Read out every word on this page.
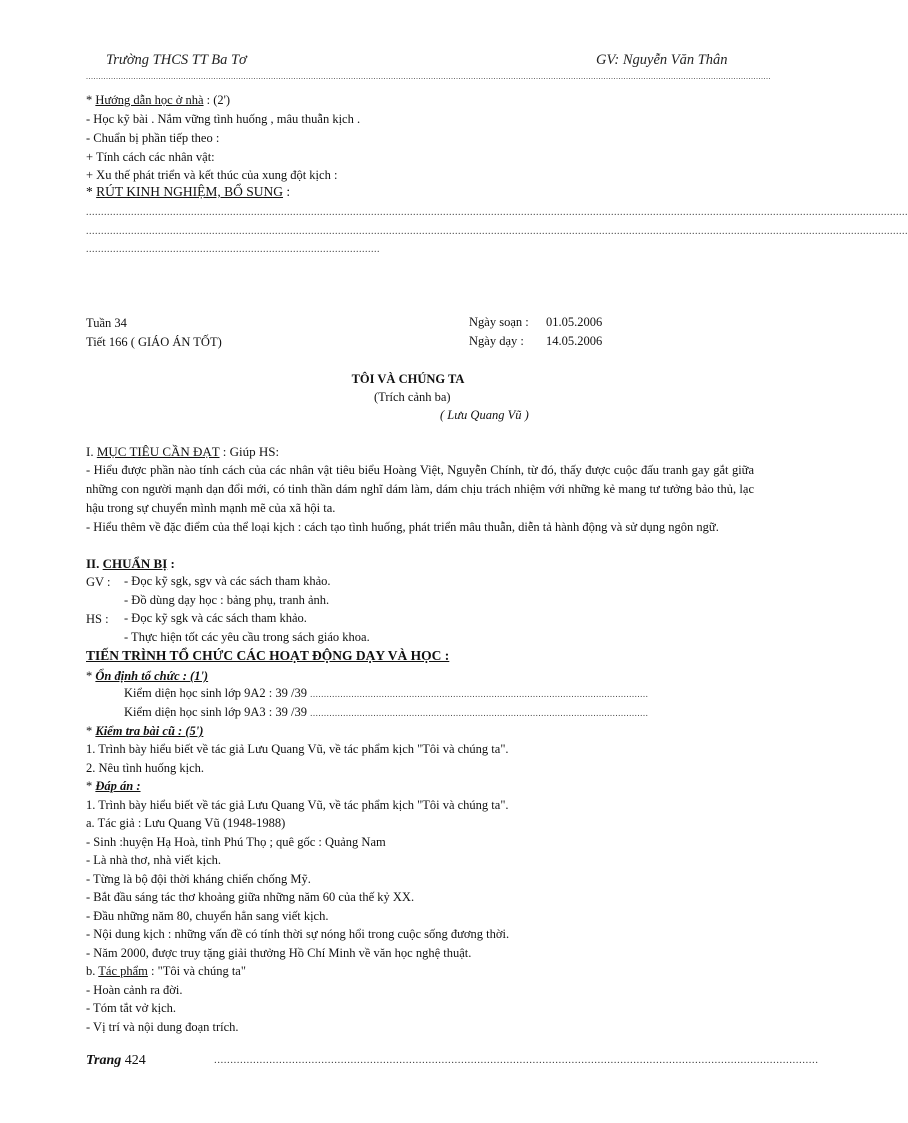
Trường THCS TT Ba Tơ	GV: Nguyễn Văn Thân
..................................................................................................................................................................................................................................................................................
* Hướng dẫn học ở nhà : (2')
- Học kỹ bài . Nắm vững tình huống , mâu thuẫn kịch .
- Chuẩn bị phần tiếp theo :
+ Tính cách các nhân vật:
+ Xu thế phát triển và kết thúc của xung đột kịch :
* RÚT KINH NGHIỆM, BỔ SUNG :
..................................................................................................................................................................................................................................................................................
..................................................................................................................................................................................................................................................................................
..................................................................................................
Tuần 34
Tiết 166 ( GIÁO ÁN TỐT)
Ngày soạn : 01.05.2006
Ngày dạy : 14.05.2006
TÔI VÀ CHÚNG TA
(Trích cảnh ba)
( Lưu Quang Vũ )
I. MỤC TIÊU CẦN ĐẠT : Giúp HS:
- Hiểu được phần nào tính cách của các nhân vật tiêu biểu Hoàng Việt, Nguyễn Chính, từ đó, thấy được cuộc đấu tranh gay gắt giữa những con người mạnh dạn đổi mới, có tinh thần dám nghĩ dám làm, dám chịu trách nhiệm với những kẻ mang tư tưởng bảo thủ, lạc hậu trong sự chuyển mình mạnh mẽ của xã hội ta.
- Hiểu thêm về đặc điểm của thể loại kịch : cách tạo tình huống, phát triển mâu thuẫn, diễn tả hành động và sử dụng ngôn ngữ.
II. CHUẨN BỊ :
GV : - Đọc kỹ sgk, sgv và các sách tham khảo.
- Đồ dùng dạy học : bảng phụ, tranh ảnh.
HS : - Đọc kỹ sgk và các sách tham khảo.
- Thực hiện tốt các yêu cầu trong sách giáo khoa.
TIẾN TRÌNH TỔ CHỨC CÁC HOẠT ĐỘNG DẠY VÀ HỌC :
* Ổn định tổ chức : (1')
Kiểm diện học sinh lớp 9A2 : 39 /39 ...........................................................................................................................
Kiểm diện học sinh lớp 9A3 : 39 /39 ...........................................................................................................................
* Kiểm tra bài cũ : (5')
1. Trình bày hiểu biết về tác giả Lưu Quang Vũ, về tác phẩm kịch "Tôi và chúng ta".
2. Nêu tình huống kịch.
* Đáp án :
1. Trình bày hiểu biết về tác giả Lưu Quang Vũ, về tác phẩm kịch "Tôi và chúng ta".
a. Tác giả : Lưu Quang Vũ (1948-1988)
- Sinh :huyện Hạ Hoà, tỉnh Phú Thọ ; quê gốc : Quảng Nam
- Là nhà thơ, nhà viết kịch.
- Từng là bộ đội thời kháng chiến chống Mỹ.
- Bắt đầu sáng tác thơ khoảng giữa những năm 60 của thế kỷ XX.
- Đầu những năm 80, chuyển hẳn sang viết kịch.
- Nội dung kịch : những vấn đề có tính thời sự nóng hổi trong cuộc sống đương thời.
- Năm 2000, được truy tặng giải thưởng Hồ Chí Minh về văn học nghệ thuật.
b. Tác phẩm : "Tôi và chúng ta"
- Hoàn cảnh ra đời.
- Tóm tắt vở kịch.
- Vị trí và nội dung đoạn trích.
Trang 424	..........................................................................................................................................................................................
